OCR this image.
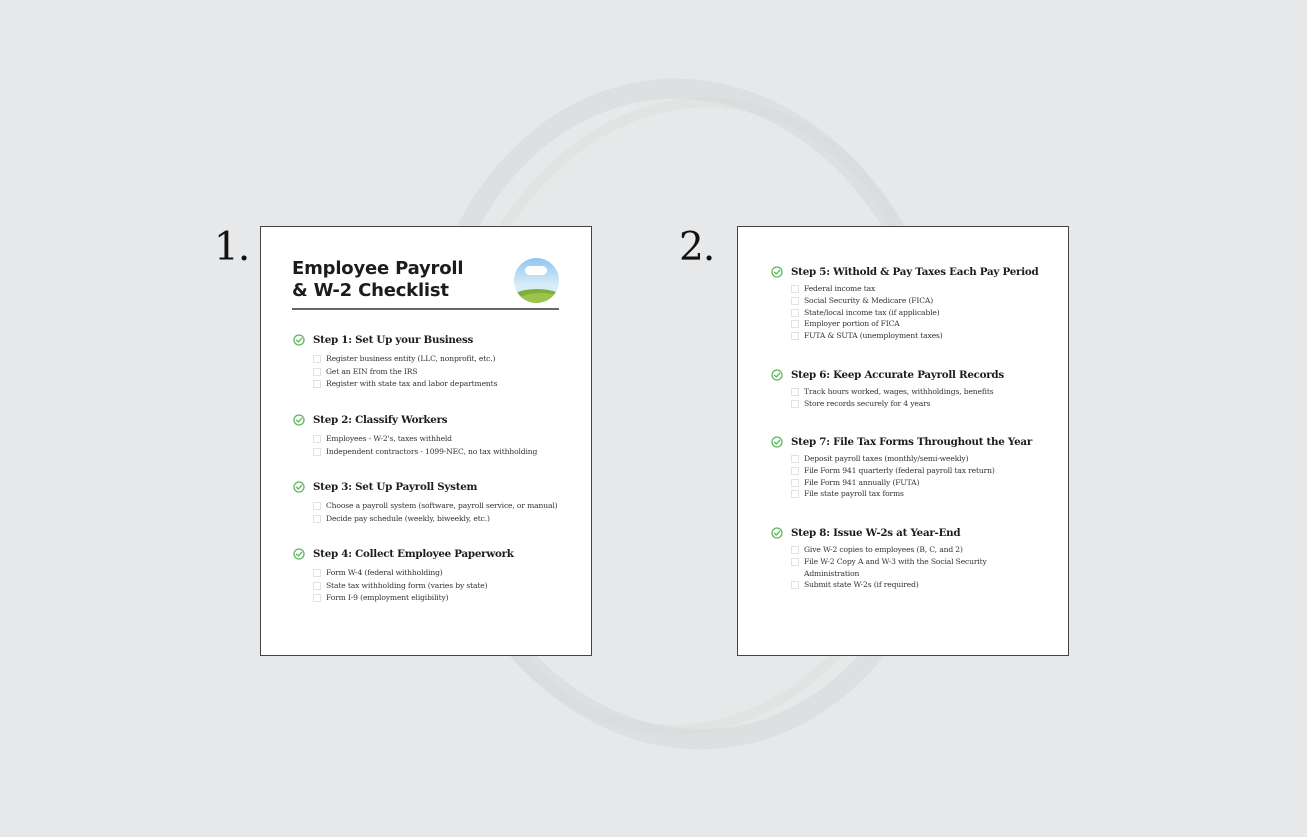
1.	2.
Employee Payroll
& W-2 Checklist
Step 1: Set Up your Business
Register business entity (LLC, nonprofit, etc.)
Get an EIN from the IRS
Register with state tax and labor departments
Step 2: Classify Workers
Employees - W-2's, taxes withheld
Independent contractors - 1099-NEC, no tax withholding
Step 3: Set Up Payroll System
Choose a payroll system (software, payroll service, or manual)
Decide pay schedule (weekly, biweekly, etc.)
Step 4: Collect Employee Paperwork
Form W-4 (federal withholding)
State tax withholding form (varies by state)
Form I-9 (employment eligibility)
Step 5: Withold & Pay Taxes Each Pay Period
Federal income tax
Social Security & Medicare (FICA)
State/local income tax (if applicable)
Employer portion of FICA
FUTA & SUTA (unemployment taxes)
Step 6: Keep Accurate Payroll Records
Track hours worked, wages, withholdings, benefits
Store records securely for 4 years
Step 7: File Tax Forms Throughout the Year
Deposit payroll taxes (monthly/semi-weekly)
File Form 941 quarterly (federal payroll tax return)
File Form 941 annually (FUTA)
File state payroll tax forms
Step 8: Issue W-2s at Year-End
Give W-2 copies to employees (B, C, and 2)
File W-2 Copy A and W-3 with the Social Security Administration
Submit state W-2s (if required)
